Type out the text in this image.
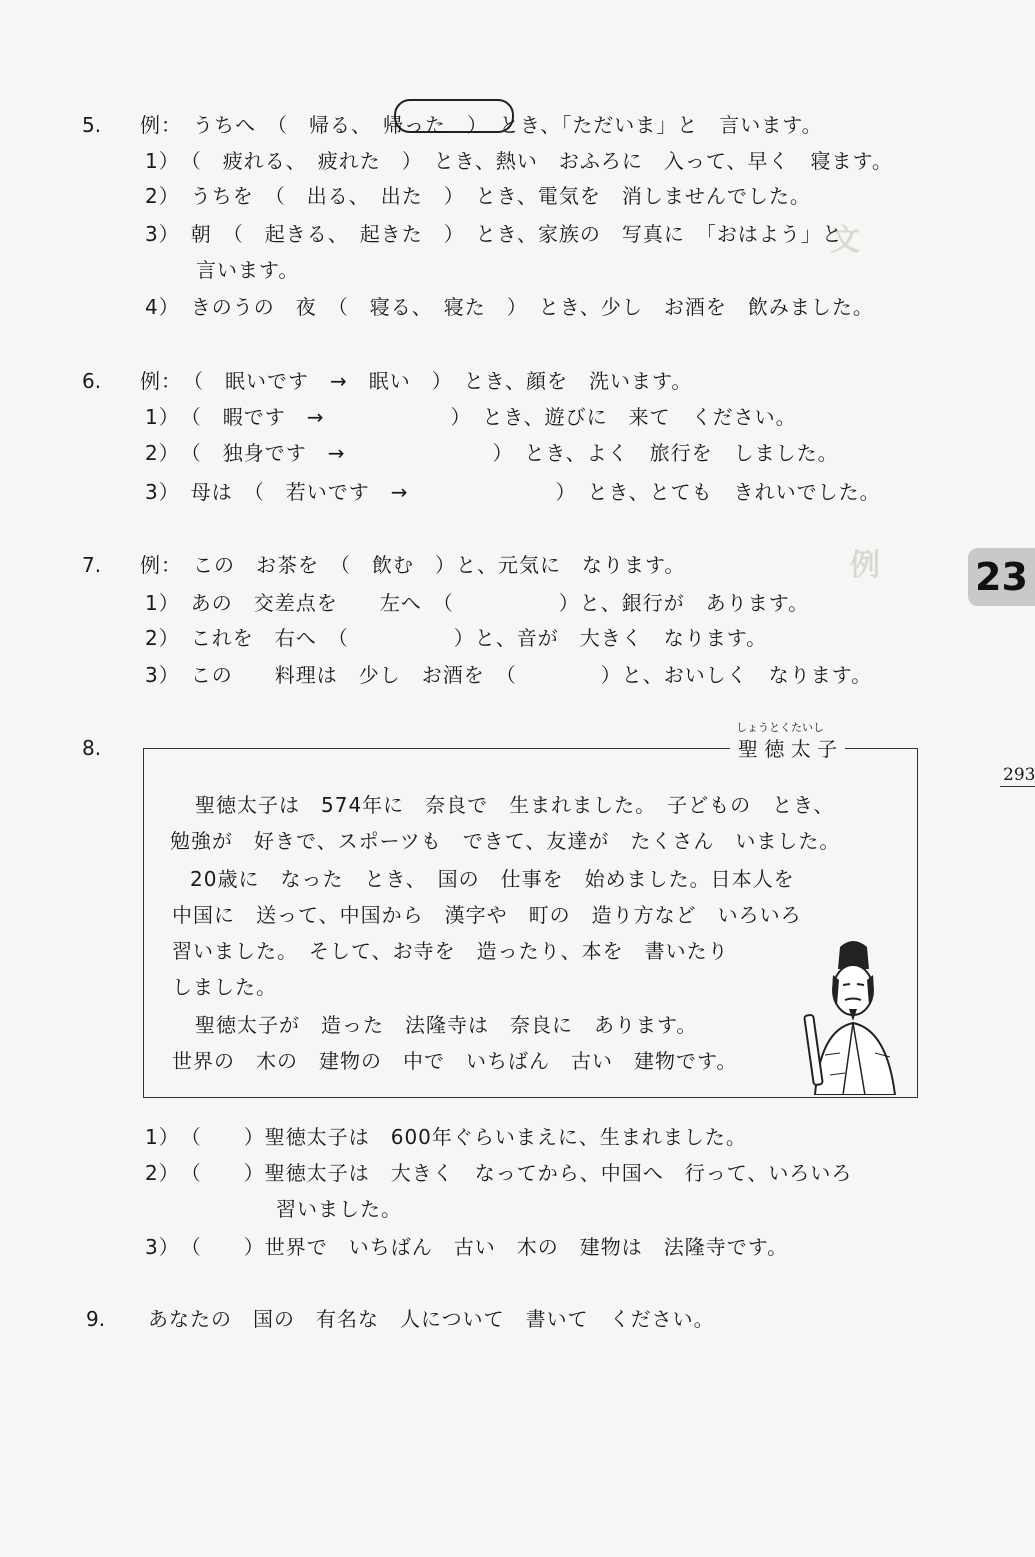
文
例
5. 例：　うちへ　（　帰る、　帰った　）　とき、「ただいま」と　言います。
1）　（　疲れる、　疲れた　）　とき、熱い　おふろに　入って、早く　寝ます。
2）　うちを　（　出る、　出た　）　とき、電気を　消しませんでした。
3）　朝　（　起きる、　起きた　）　とき、家族の　写真に　「おはよう」と
言います。
4）　きのうの　夜　（　寝る、　寝た　）　とき、少し　お酒を　飲みました。
6. 例：　（　眠いです　→　眠い　）　とき、顔を　洗います。
1）　（　暇です　→　　　　　　）　とき、遊びに　来て　ください。
2）　（　独身です　→　　　　　　　）　とき、よく　旅行を　しました。
3）　母は　（　若いです　→　　　　　　　）　とき、とても　きれいでした。
7. 例：　この　お茶を　（　飲む　）と、元気に　なります。
1）　あの　交差点を　　左へ　（　　　　　）と、銀行が　あります。
2）　これを　右へ　（　　　　　）と、音が　大きく　なります。
3）　この　　料理は　少し　お酒を　（　　　　）と、おいしく　なります。
23
293
8.
しょうとくたいし
聖 徳 太 子
聖徳太子は　574年に　奈良で　生まれました。　子どもの　とき、
勉強が　好きで、スポーツも　できて、友達が　たくさん　いました。
20歳に　なった　とき、　国の　仕事を　始めました。日本人を
中国に　送って、中国から　漢字や　町の　造り方など　いろいろ
習いました。　そして、お寺を　造ったり、本を　書いたり
しました。
聖徳太子が　造った　法隆寺は　奈良に　あります。
世界の　木の　建物の　中で　いちばん　古い　建物です。
1）　（　　）聖徳太子は　600年ぐらいまえに、生まれました。
2）　（　　）聖徳太子は　大きく　なってから、中国へ　行って、いろいろ
習いました。
3）　（　　）世界で　いちばん　古い　木の　建物は　法隆寺です。
9. あなたの　国の　有名な　人について　書いて　ください。
